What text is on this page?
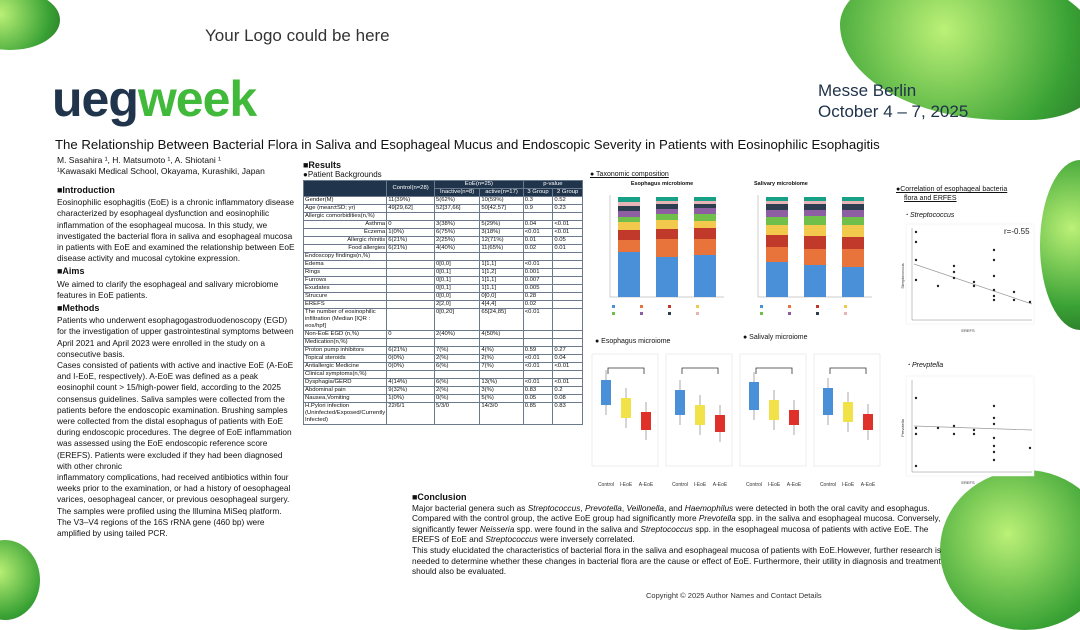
Your Logo could be here
uegweek	Messe Berlin
October 4 – 7, 2025
The Relationship Between Bacterial Flora in Saliva and Esophageal Mucus and Endoscopic Severity in Patients with Eosinophilic Esophagitis
M. Sasahira ¹, H. Matsumoto ¹, A. Shiotani ¹
¹Kawasaki Medical School, Okayama, Kurashiki, Japan
■Introduction

Eosinophilic esophagitis (EoE) is a chronic inflammatory disease characterized by esophageal dysfunction and eosinophilic inflammation of the esophageal mucosa. In this study, we investigated the bacterial flora in saliva and esophageal mucosa in patients with EoE and examined the relationship between EoE disease activity and mucosal cytokine expression.

■Aims

We aimed to clarify the esophageal and salivary microbiome features in EoE patients.

■Methods

Patients who underwent esophagogastroduodenoscopy (EGD) for the investigation of upper gastrointestinal symptoms between April 2021 and April 2023 were enrolled in the study on a consecutive basis.

Cases consisted of patients with active and inactive EoE (A-EoE and I-EoE, respectively). A-EoE was defined as a peak eosinophil count > 15/high-power field, according to the 2025 consensus guidelines. Saliva samples were collected from the patients before the endoscopic examination. Brushing samples were collected from the distal esophagus of patients with EoE during endoscopic procedures. The degree of EoE inflammation was assessed using the EoE endoscopic reference score (EREFS). Patients were excluded if they had been diagnosed with other chronic

inflammatory complications, had received antibiotics within four weeks prior to the examination, or had a history of oesophageal varices, oesophageal cancer, or previous oesophageal surgery.

The samples were profiled using the Illumina MiSeq platform. The V3–V4 regions of the 16S rRNA gene (460 bp) were amplified by using tailed PCR.

■Results
●Patient Backgrounds
	Control(n=28)	EoE(n=25)		p-value	
		Inactive(n=8)	active(n=17)	3 Group	2 Group
Gender(M)	11(39%)	5(62%)	10(59%)	0.3	0.52
Age (mean±SD; yr)	49[29,62]	52[37,66]	50[42,57]	0.9	0.23
Allergic comorbidities(n,%)					
Asthma	0	3(38%)	5(29%)	0.04	<0.01
Eczema	1(0%)	6(75%)	3(18%)	<0.01	<0.01
Allergic rhinitis	6(21%)	2(25%)	12(71%)	0.01	0.05
Food allergies	6(21%)	4(40%)	11(65%)	0.02	0.01
Endoscopy findings(n,%)					
Edema		0[0,0]	1[1,1]	<0.01	
Rings		0[0,1]	1[1,2]	0.001	
Furrows		0[0,1]	1[1,1]	0.007	
Exudates		0[0,1]	1[1,1]	0.005	
Strucure		0[0,0]	0[0,0]	0.28	
EREFS		2[2,0]	4[4,4]	0.02	
The number of eosinophilic infiltration (Median [IQR : eos/hpf]		0[0,20]	65[24,85]	<0.01	
Non-EoE EGD (n,%)	0	2(40%)	4(50%)		
Medication(n,%)					
Proton pump inhibitors	6(21%)	7(%)	4(%)	0.59	0.27
Topical steroids	0(0%)	2(%)	2(%)	<0.01	0.04
Antiallergic Medicine	0(0%)	6(%)	7(%)	<0.01	<0.01
Clinical symptoms(n,%)					
Dysphagia/GERD	4(14%)	6(%)	13(%)	<0.01	<0.01
Abdominal pain	9(32%)	2(%)	3(%)	0.83	0.2
Nausea,Vomiting	1(0%)	0(%)	5(%)	0.05	0.08
H.Pylori infection (Uninfected/Exposed/Currently Infected)	22/6/1	5/3/0	14/3/0	0.85	0.83
● Taxonomic composition
Esophagus microbiome	Salivary microbiome
● Esophagus microiome
● Salivaly microiome
Control I-EoE A-EoE	Control I-EoE A-EoE	Control I-EoE A-EoE	Control I-EoE A-EoE
●Correlation of esophageal bacteria
flora and ERFES
・Streptococcus
r=-0.55
EREFS
Streptococcus
・Prevptella
EREFS
Prevotella
■Conclusion
Major bacterial genera such as Streptococcus, Prevotella, Veillonella, and Haemophilus were detected in both the oral cavity and esophagus. Compared with the control group, the active EoE group had significantly more Prevotella spp. in the saliva and esophageal mucosa. Conversely, significantly fewer Neisseria spp. were found in the saliva and Streptococcus spp. in the esophageal mucosa of patients with active EoE. The EREFS of EoE and Streptococcus were inversely correlated.
This study elucidated the characteristics of bacterial flora in the saliva and esophageal mucosa of patients with EoE.However, further research is needed to determine whether these changes in bacterial flora are the cause or effect of EoE. Furthermore, their utility in diagnosis and treatment should also be evaluated.
Copyright © 2025 Author Names and Contact Details
